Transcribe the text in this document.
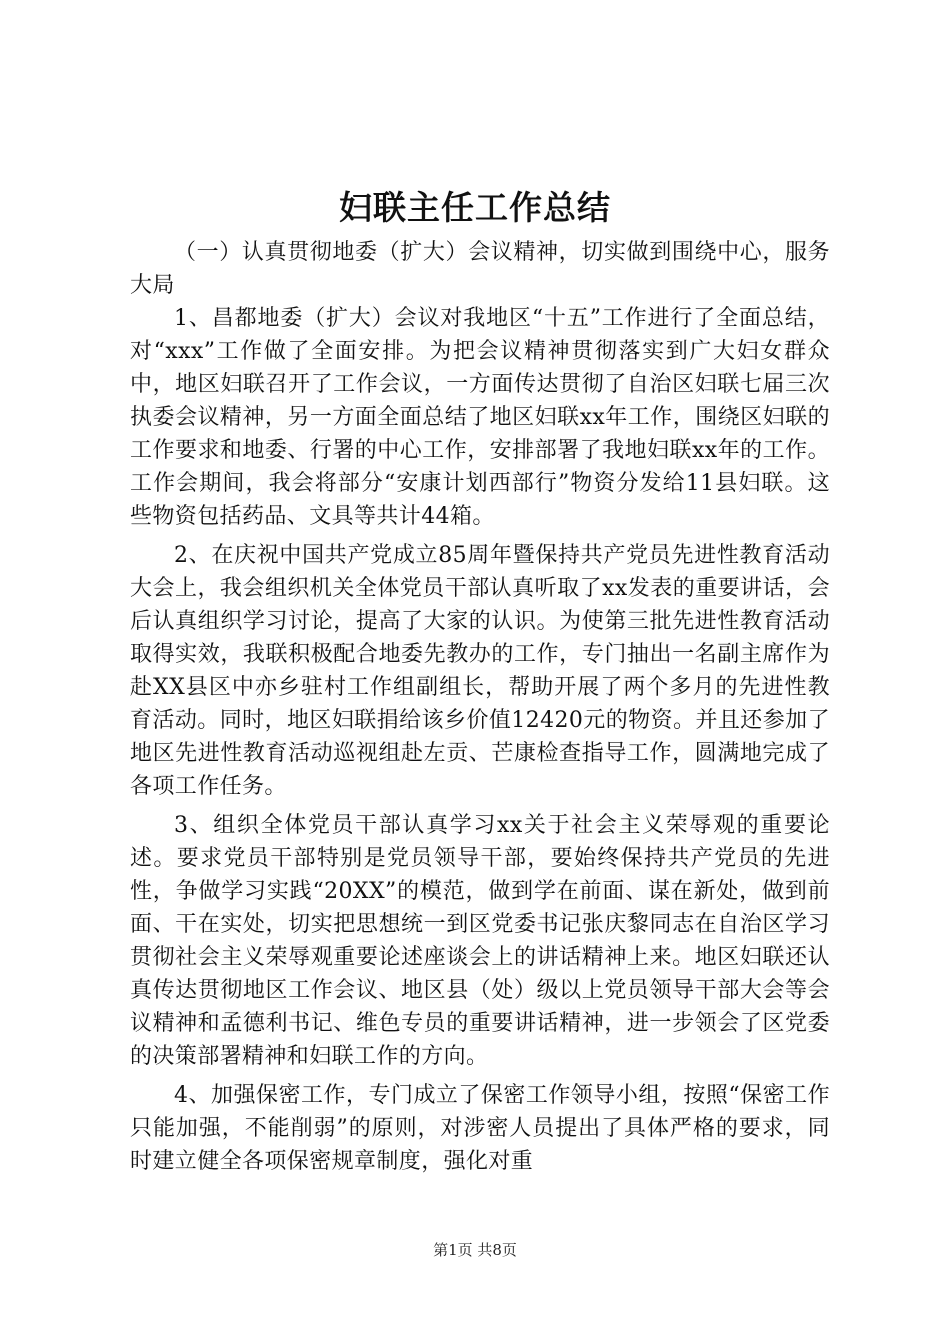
妇联主任工作总结

（一）认真贯彻地委（扩大）会议精神，切实做到围绕中心，服务大局

1、昌都地委（扩大）会议对我地区“十五”工作进行了全面总结，对“xxx”工作做了全面安排。为把会议精神贯彻落实到广大妇女群众中，地区妇联召开了工作会议，一方面传达贯彻了自治区妇联七届三次执委会议精神，另一方面全面总结了地区妇联xx年工作，围绕区妇联的工作要求和地委、行署的中心工作，安排部署了我地妇联xx年的工作。工作会期间，我会将部分“安康计划西部行”物资分发给11县妇联。这些物资包括药品、文具等共计44箱。

2、在庆祝中国共产党成立85周年暨保持共产党员先进性教育活动大会上，我会组织机关全体党员干部认真听取了xx发表的重要讲话，会后认真组织学习讨论，提高了大家的认识。为使第三批先进性教育活动取得实效，我联积极配合地委先教办的工作，专门抽出一名副主席作为赴XX县区中亦乡驻村工作组副组长，帮助开展了两个多月的先进性教育活动。同时，地区妇联捐给该乡价值12420元的物资。并且还参加了地区先进性教育活动巡视组赴左贡、芒康检查指导工作，圆满地完成了各项工作任务。

3、组织全体党员干部认真学习xx关于社会主义荣辱观的重要论述。要求党员干部特别是党员领导干部，要始终保持共产党员的先进性，争做学习实践“20XX”的模范，做到学在前面、谋在新处，做到前面、干在实处，切实把思想统一到区党委书记张庆黎同志在自治区学习贯彻社会主义荣辱观重要论述座谈会上的讲话精神上来。地区妇联还认真传达贯彻地区工作会议、地区县（处）级以上党员领导干部大会等会议精神和孟德利书记、维色专员的重要讲话精神，进一步领会了区党委的决策部署精神和妇联工作的方向。

4、加强保密工作，专门成立了保密工作领导小组，按照“保密工作只能加强，不能削弱”的原则，对涉密人员提出了具体严格的要求，同时建立健全各项保密规章制度，强化对重

第1页 共8页
